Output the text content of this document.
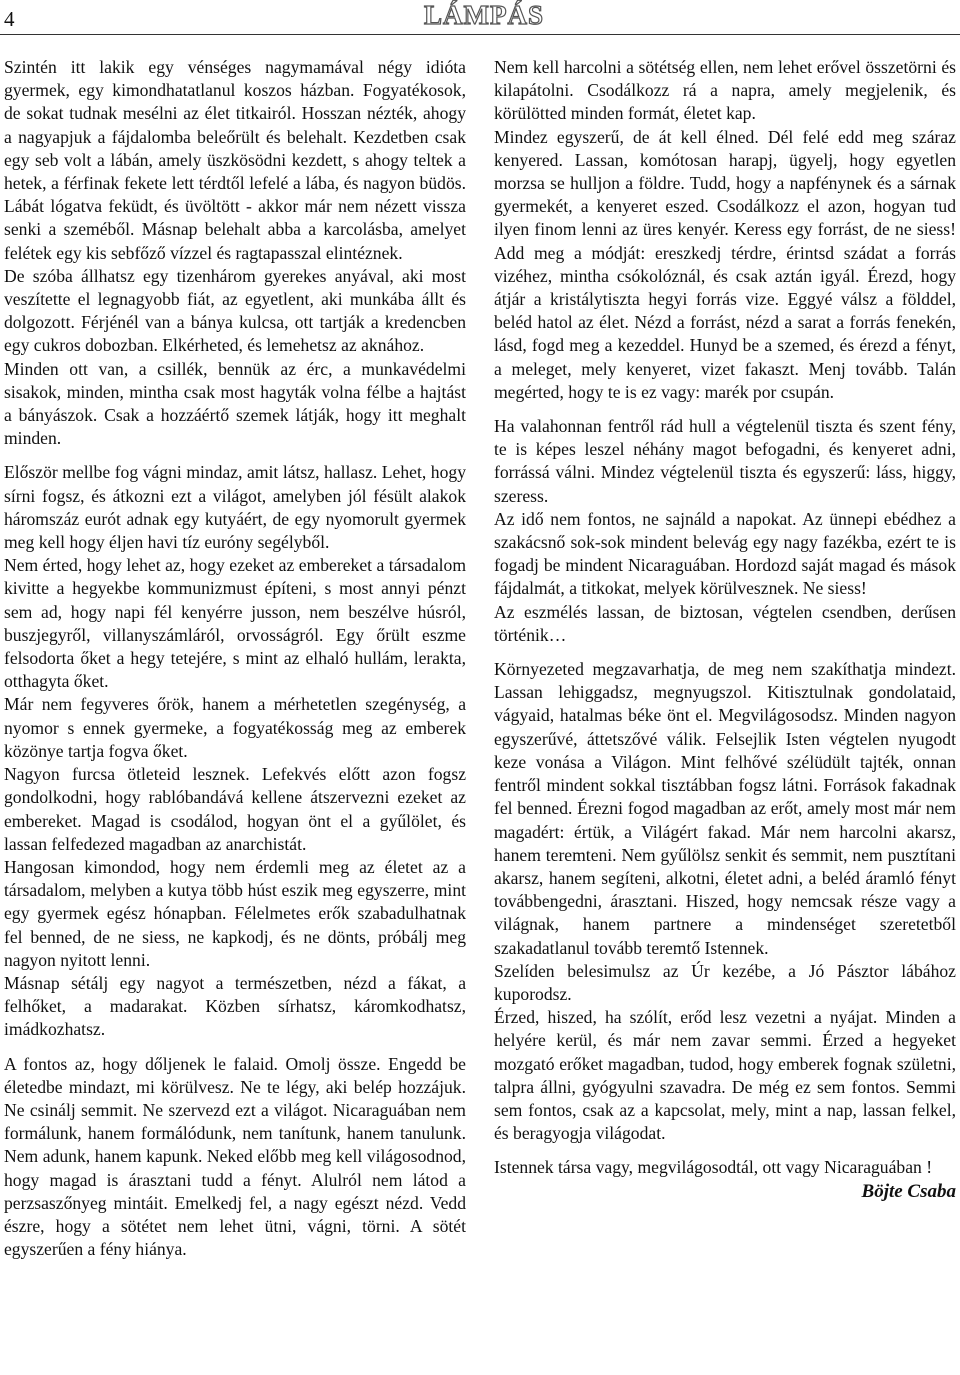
4	LÁMPÁS

Szintén itt lakik egy vénséges nagymamával négy idióta gyermek, egy kimondhatatlanul koszos házban. Fogyatékosok, de sokat tudnak mesélni az élet titkairól. Hosszan nézték, ahogy a nagyapjuk a fájdalomba beleőrült és belehalt. Kezdetben csak egy seb volt a lábán, amely üszkösödni kezdett, s ahogy teltek a hetek, a férfinak fekete lett térdtől lefelé a lába, és nagyon büdös. Lábát lógatva feküdt, és üvöltött - akkor már nem nézett vissza senki a szeméből. Másnap belehalt abba a karcolásba, amelyet felétek egy kis sebfőző vízzel és ragtapasszal elintéznek.

De szóba állhatsz egy tizenhárom gyerekes anyával, aki most veszítette el legnagyobb fiát, az egyetlent, aki munkába állt és dolgozott. Férjénél van a bánya kulcsa, ott tartják a kredencben egy cukros dobozban. Elkérheted, és lemehetsz az aknához.

Minden ott van, a csillék, bennük az érc, a munkavédelmi sisakok, minden, mintha csak most hagyták volna félbe a hajtást a bányászok. Csak a hozzáértő szemek látják, hogy itt meghalt minden.

Először mellbe fog vágni mindaz, amit látsz, hallasz. Lehet, hogy sírni fogsz, és átkozni ezt a világot, amelyben jól fésült alakok háromszáz eurót adnak egy kutyáért, de egy nyomorult gyermek meg kell hogy éljen havi tíz euróny segélyből.

Nem érted, hogy lehet az, hogy ezeket az embereket a társadalom kivitte a hegyekbe kommunizmust építeni, s most annyi pénzt sem ad, hogy napi fél kenyérre jusson, nem beszélve húsról, buszjegyről, villanyszámláról, orvosságról. Egy őrült eszme felsodorta őket a hegy tetejére, s mint az elhaló hullám, lerakta, otthagyta őket.

Már nem fegyveres őrök, hanem a mérhetetlen szegénység, a nyomor s ennek gyermeke, a fogyatékosság meg az emberek közönye tartja fogva őket.

Nagyon furcsa ötleteid lesznek. Lefekvés előtt azon fogsz gondolkodni, hogy rablóbandává kellene átszervezni ezeket az embereket. Magad is csodálod, hogyan önt el a gyűlölet, és lassan felfedezed magadban az anarchistát.

Hangosan kimondod, hogy nem érdemli meg az életet az a társadalom, melyben a kutya több húst eszik meg egyszerre, mint egy gyermek egész hónapban. Félelmetes erők szabadulhatnak fel benned, de ne siess, ne kapkodj, és ne dönts, próbálj meg nagyon nyitott lenni.

Másnap sétálj egy nagyot a természetben, nézd a fákat, a felhőket, a madarakat. Közben sírhatsz, káromkodhatsz, imádkozhatsz.

A fontos az, hogy dőljenek le falaid. Omolj össze. Engedd be életedbe mindazt, mi körülvesz. Ne te légy, aki belép hozzájuk. Ne csinálj semmit. Ne szervezd ezt a világot. Nicaraguában nem formálunk, hanem formálódunk, nem tanítunk, hanem tanulunk. Nem adunk, hanem kapunk. Neked előbb meg kell világosodnod, hogy magad is árasztani tudd a fényt. Alulról nem látod a perzsaszőnyeg mintáit. Emelkedj fel, a nagy egészt nézd. Vedd észre, hogy a sötétet nem lehet ütni, vágni, törni. A sötét egyszerűen a fény hiánya.

Nem kell harcolni a sötétség ellen, nem lehet erővel összetörni és kilapátolni. Csodálkozz rá a napra, amely megjelenik, és körülötted minden formát, életet kap.

Mindez egyszerű, de át kell élned. Dél felé edd meg száraz kenyered. Lassan, komótosan harapj, ügyelj, hogy egyetlen morzsa se hulljon a földre. Tudd, hogy a napfénynek és a sárnak gyermekét, a kenyeret eszed. Csodálkozz el azon, hogyan tud ilyen finom lenni az üres kenyér. Keress egy forrást, de ne siess! Add meg a módját: ereszkedj térdre, érintsd szádat a forrás vizéhez, mintha csókolóznál, és csak aztán igyál. Érezd, hogy átjár a kristálytiszta hegyi forrás vize. Eggyé válsz a földdel, beléd hatol az élet. Nézd a forrást, nézd a sarat a forrás fenekén, lásd, fogd meg a kezeddel. Hunyd be a szemed, és érezd a fényt, a meleget, mely kenyeret, vizet fakaszt. Menj tovább. Talán megérted, hogy te is ez vagy: marék por csupán.

Ha valahonnan fentről rád hull a végtelenül tiszta és szent fény, te is képes leszel néhány magot befogadni, és kenyeret adni, forrássá válni. Mindez végtelenül tiszta és egyszerű: láss, higgy, szeress.

Az idő nem fontos, ne sajnáld a napokat. Az ünnepi ebédhez a szakácsnő sok-sok mindent belevág egy nagy fazékba, ezért te is fogadj be mindent Nicaraguában. Hordozd saját magad és mások fájdalmát, a titkokat, melyek körülvesznek. Ne siess!

Az eszmélés lassan, de biztosan, végtelen csendben, derűsen történik…

Környezeted megzavarhatja, de meg nem szakíthatja mindezt. Lassan lehiggadsz, megnyugszol. Kitisztulnak gondolataid, vágyaid, hatalmas béke önt el. Megvilágosodsz. Minden nagyon egyszerűvé, áttetszővé válik. Felsejlik Isten végtelen nyugodt keze vonása a Világon. Mint felhővé szélüdült tajték, onnan fentről mindent sokkal tisztábban fogsz látni. Források fakadnak fel benned. Érezni fogod magadban az erőt, amely most már nem magadért: értük, a Világért fakad. Már nem harcolni akarsz, hanem teremteni. Nem gyűlölsz senkit és semmit, nem pusztítani akarsz, hanem segíteni, alkotni, életet adni, a beléd áramló fényt továbbengedni, árasztani. Hiszed, hogy nemcsak része vagy a világnak, hanem partnere a mindenséget szeretetből szakadatlanul tovább teremtő Istennek.

Szelíden belesimulsz az Úr kezébe, a Jó Pásztor lábához kuporodsz.

Érzed, hiszed, ha szólít, erőd lesz vezetni a nyájat. Minden a helyére kerül, és már nem zavar semmi. Érzed a hegyeket mozgató erőket magadban, tudod, hogy emberek fognak születni, talpra állni, gyógyulni szavadra. De még ez sem fontos. Semmi sem fontos, csak az a kapcsolat, mely, mint a nap, lassan felkel, és beragyogja világodat.

Istennek társa vagy, megvilágosodtál, ott vagy Nicaraguában !

Böjte Csaba
